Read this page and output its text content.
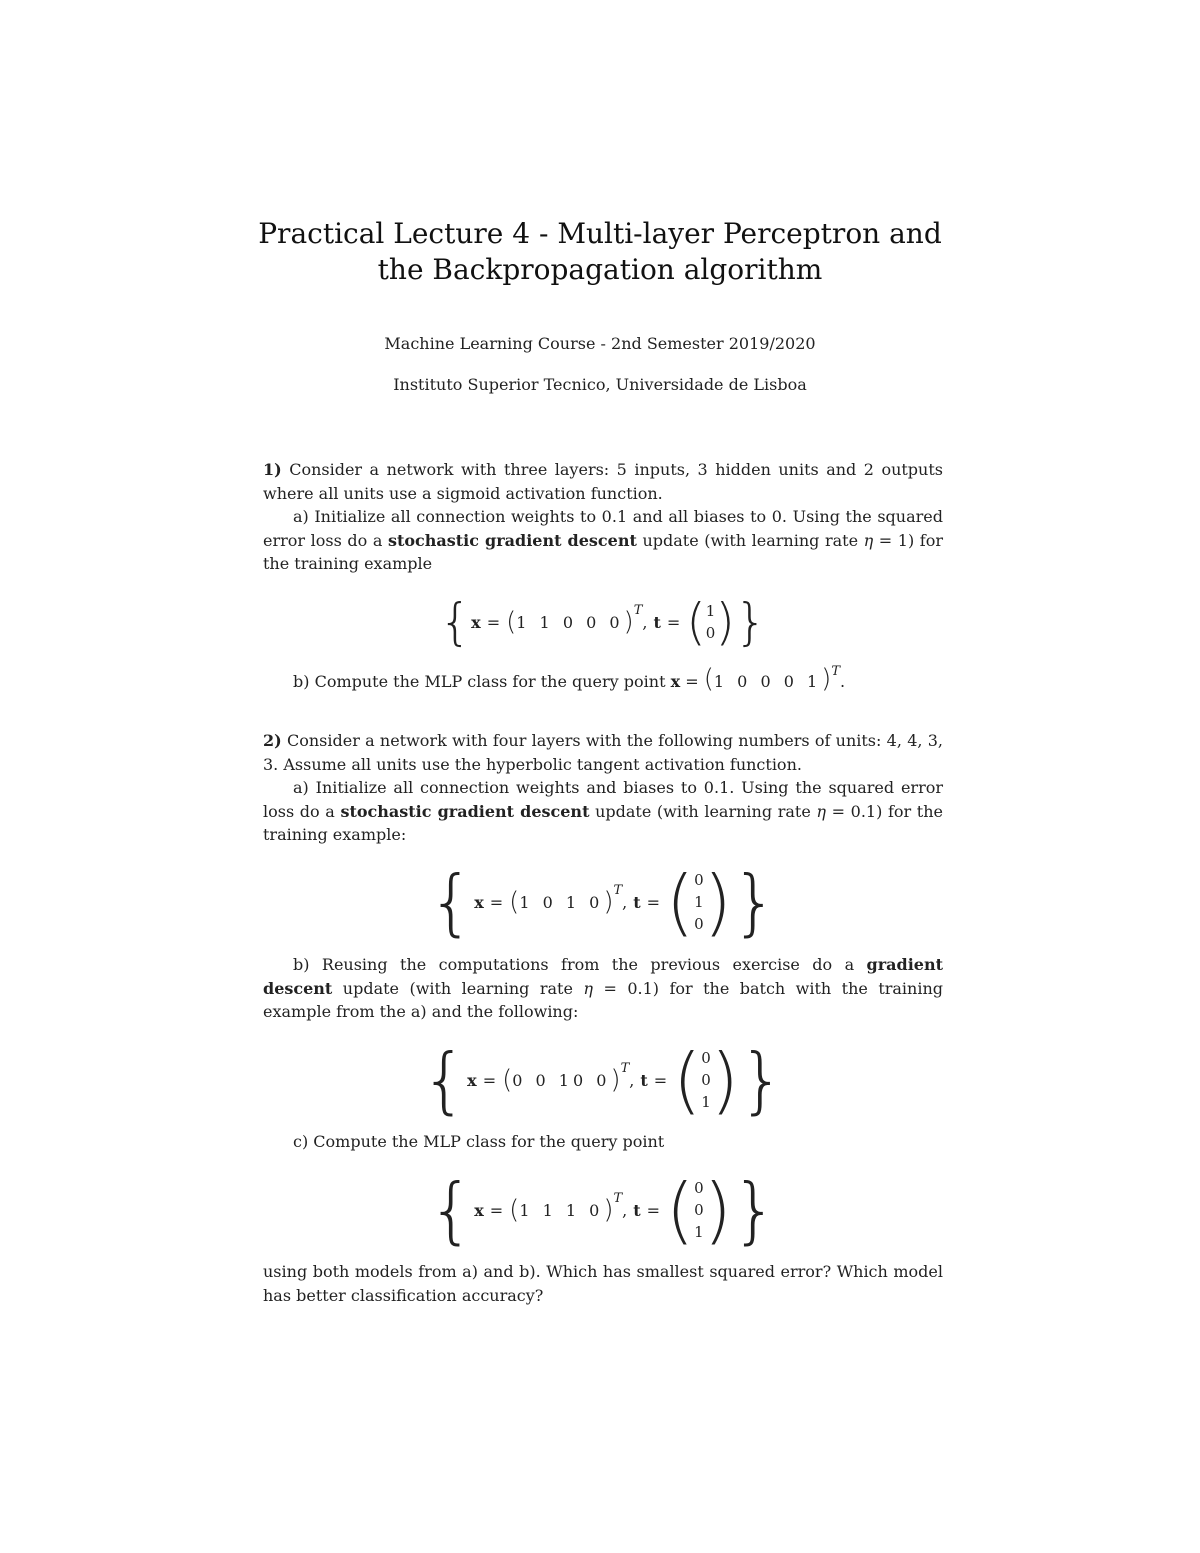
Practical Lecture 4 - Multi-layer Perceptron and
the Backpropagation algorithm
Machine Learning Course - 2nd Semester 2019/2020
Instituto Superior Tecnico, Universidade de Lisboa

1) Consider a network with three layers: 5 inputs, 3 hidden units and 2 outputs where all units use a sigmoid activation function.

a) Initialize all connection weights to 0.1 and all biases to 0. Using the squared error loss do a stochastic gradient descent update (with learning rate η = 1) for the training example

{ x = ( 1 1 0 0 0 ) T
, t = ( 1
0 ) }

b) Compute the MLP class for the query point x = (1 0 0 0 1)$^T$.

2) Consider a network with four layers with the following numbers of units: 4, 4, 3, 3. Assume all units use the hyperbolic tangent activation function.

a) Initialize all connection weights and biases to 0.1. Using the squared error loss do a stochastic gradient descent update (with learning rate η = 0.1) for the training example:

{ x = ( 1 0 1 0 ) T
, t = ( 0
1
0 ) }

b) Reusing the computations from the previous exercise do a gradient descent update (with learning rate η = 0.1) for the batch with the training example from the a) and the following:

{ x = ( 0 0 10 0 ) T
, t = ( 0
0
1 ) }

c) Compute the MLP class for the query point

{ x = ( 1 1 1 0 ) T
, t = ( 0
0
1 ) }

using both models from a) and b). Which has smallest squared error? Which model has better classification accuracy?
